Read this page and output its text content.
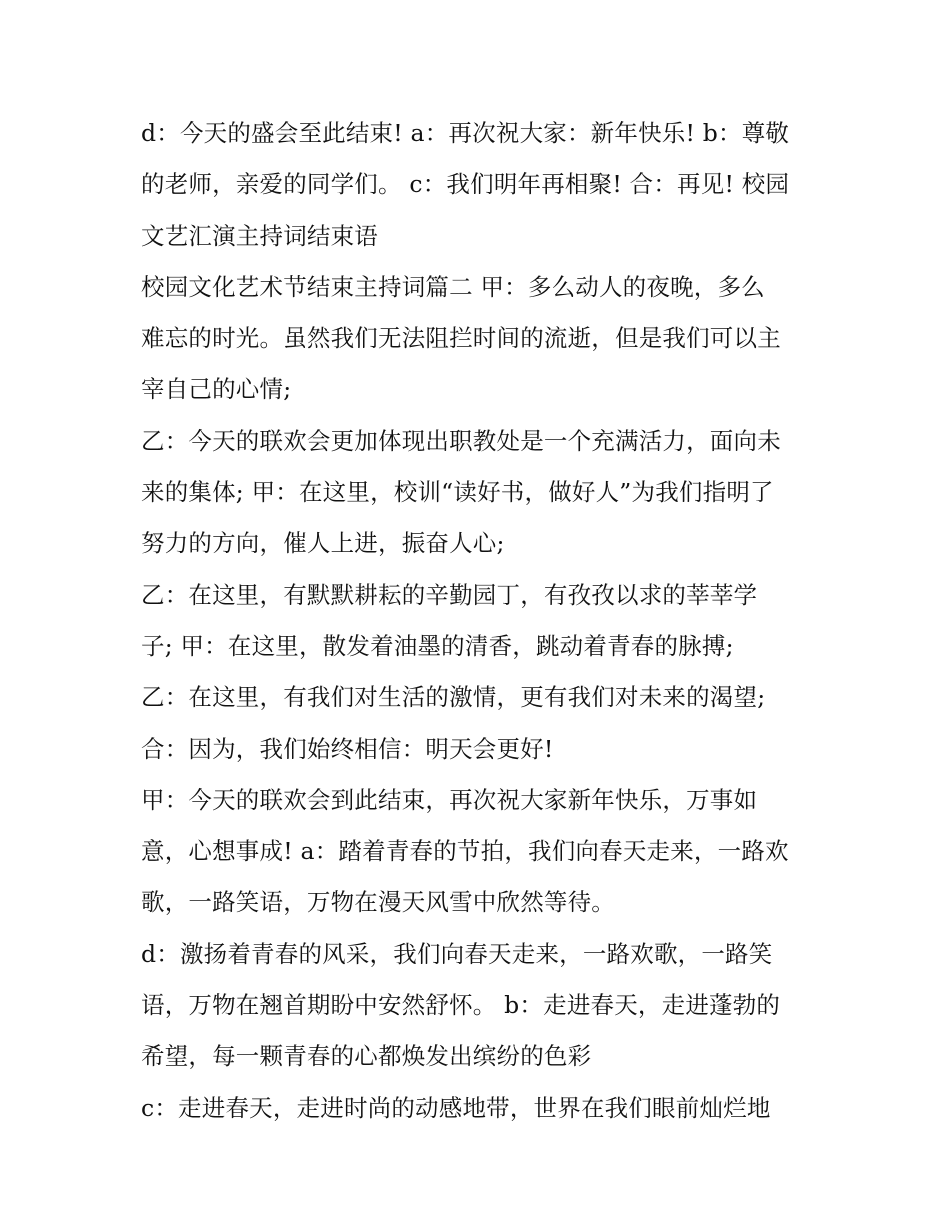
d：今天的盛会至此结束! a：再次祝大家：新年快乐! b：尊敬
的老师，亲爱的同学们。 c：我们明年再相聚! 合：再见! 校园
文艺汇演主持词结束语
校园文化艺术节结束主持词篇二 甲：多么动人的夜晚，多么
难忘的时光。虽然我们无法阻拦时间的流逝，但是我们可以主
宰自己的心情;
乙：今天的联欢会更加体现出职教处是一个充满活力，面向未
来的集体; 甲：在这里，校训“读好书，做好人”为我们指明了
努力的方向，催人上进，振奋人心;
乙：在这里，有默默耕耘的辛勤园丁，有孜孜以求的莘莘学
子; 甲：在这里，散发着油墨的清香，跳动着青春的脉搏;
乙：在这里，有我们对生活的激情，更有我们对未来的渴望;
合：因为，我们始终相信：明天会更好!
甲：今天的联欢会到此结束，再次祝大家新年快乐，万事如
意，心想事成! a：踏着青春的节拍，我们向春天走来，一路欢
歌，一路笑语，万物在漫天风雪中欣然等待。
d：激扬着青春的风采，我们向春天走来，一路欢歌，一路笑
语，万物在翘首期盼中安然舒怀。 b：走进春天，走进蓬勃的
希望，每一颗青春的心都焕发出缤纷的色彩
c：走进春天，走进时尚的动感地带，世界在我们眼前灿烂地
